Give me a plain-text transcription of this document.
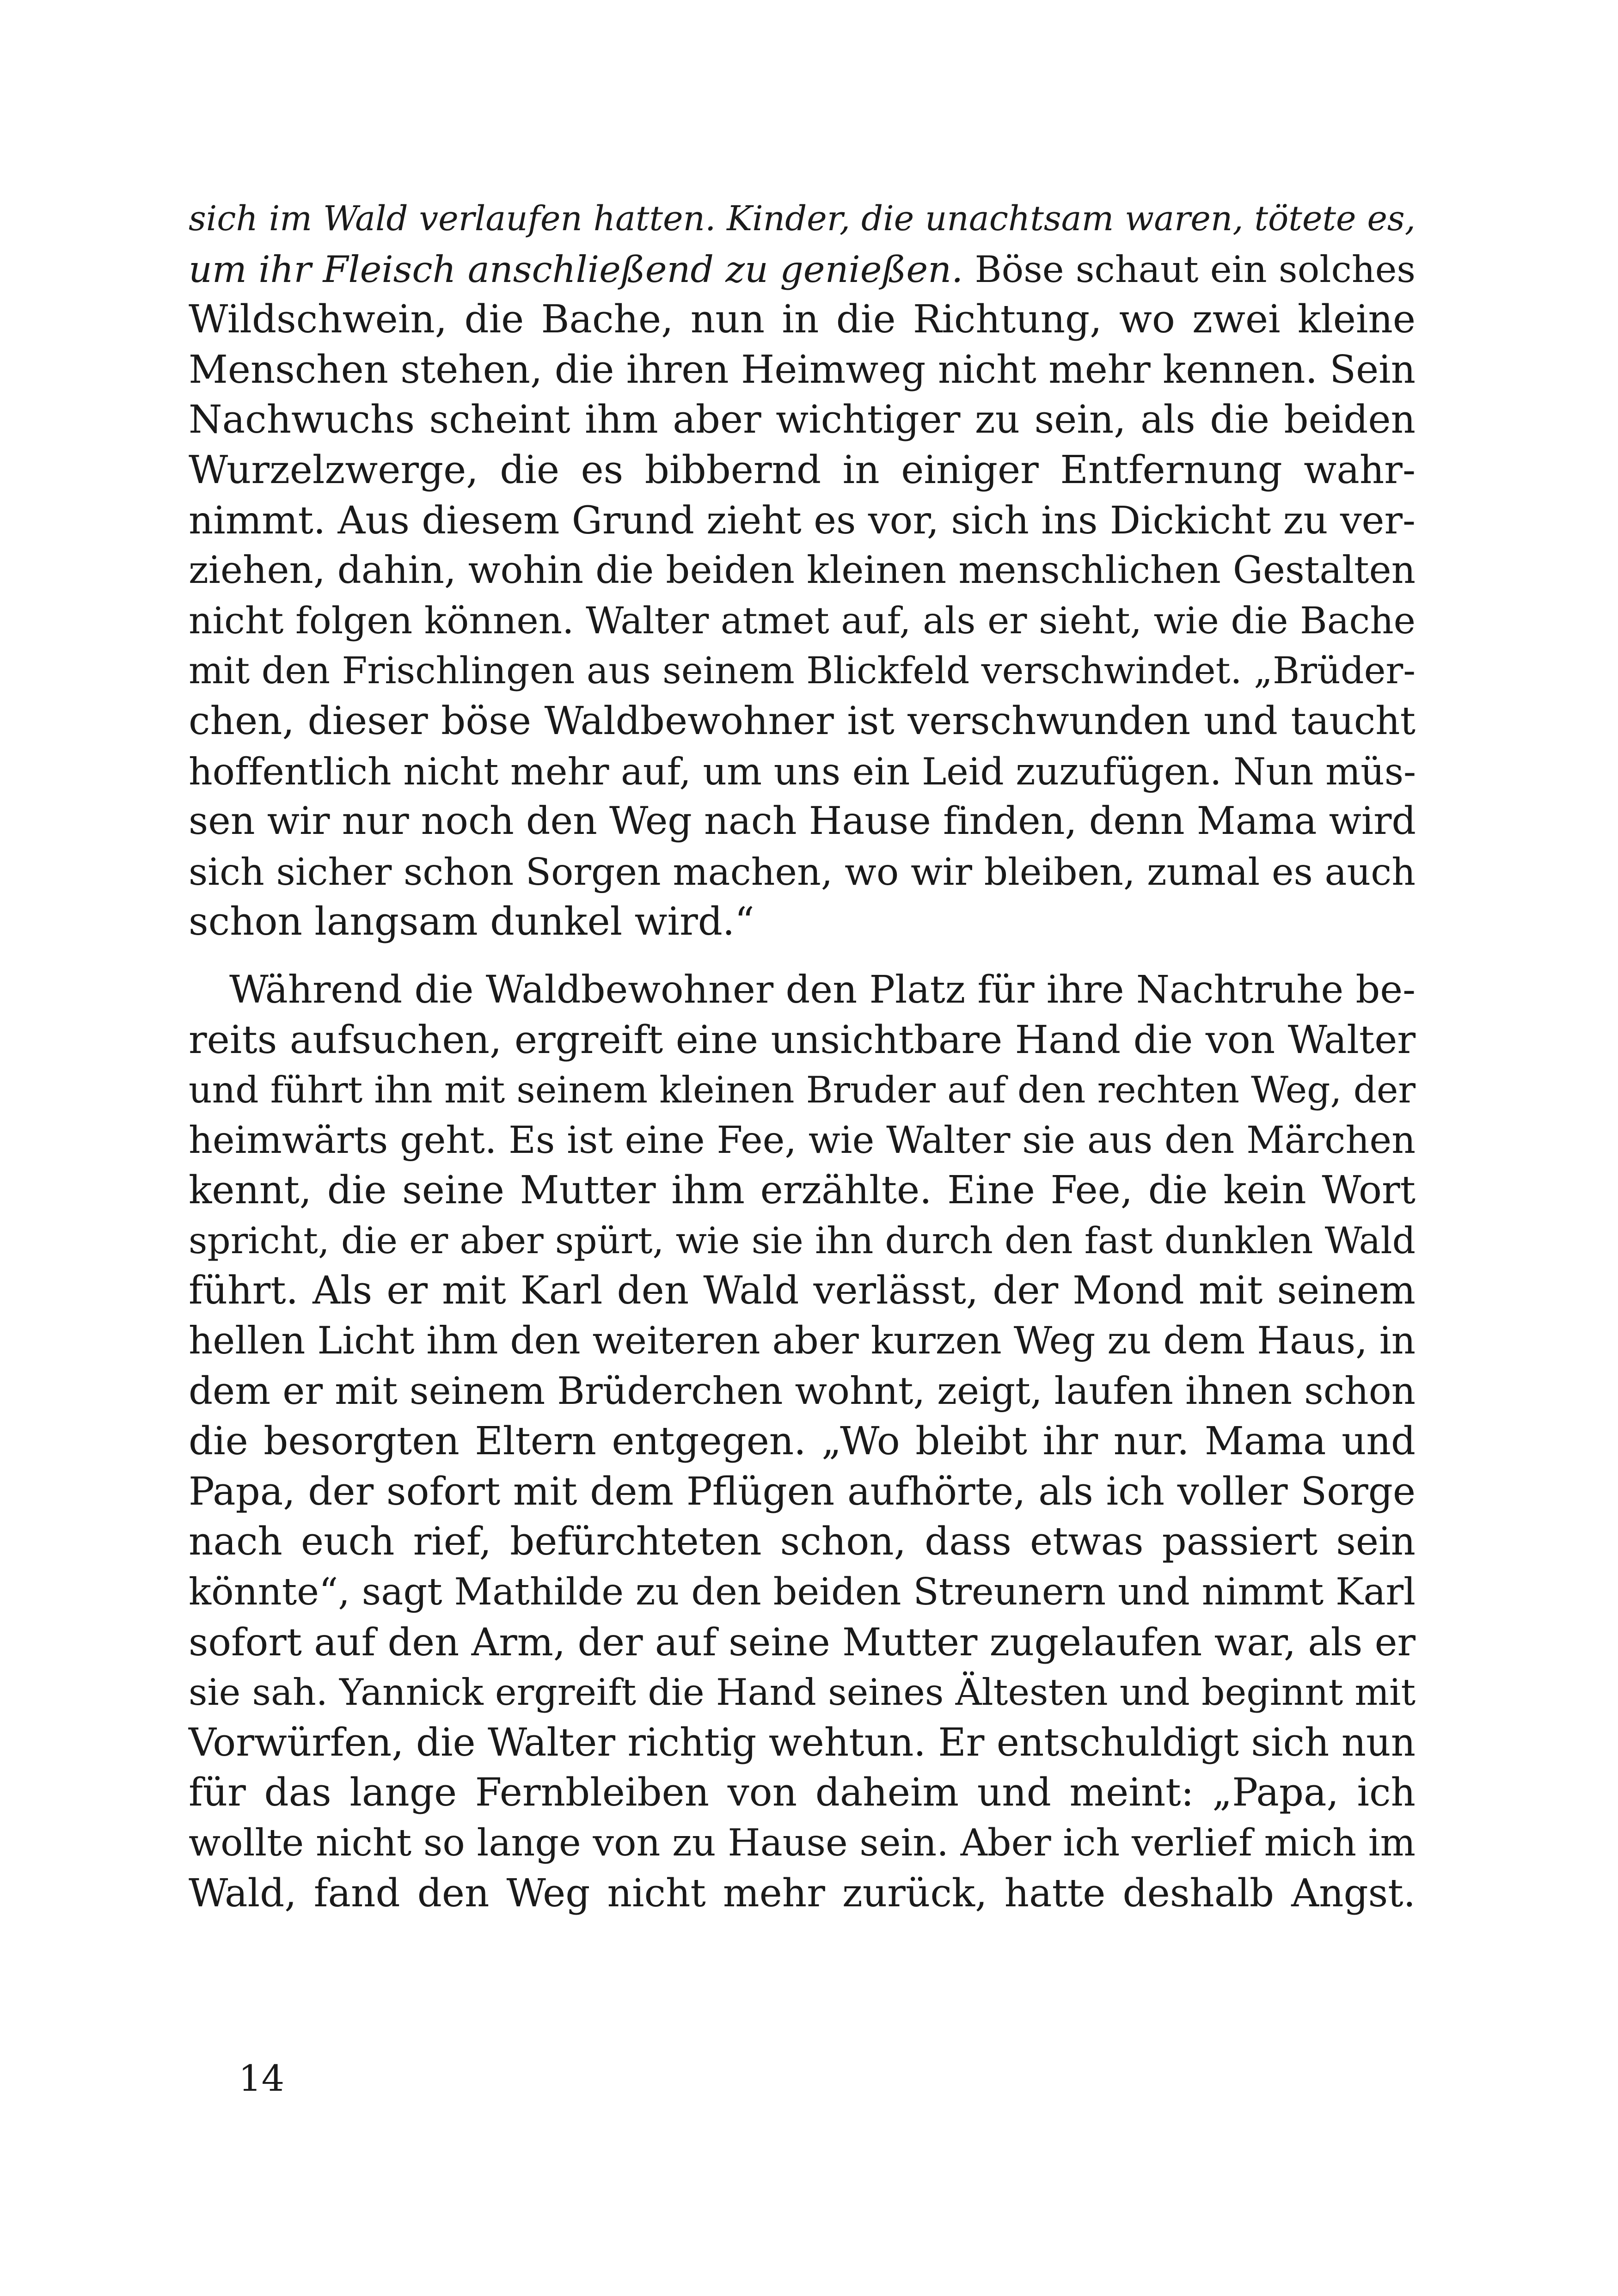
sich im Wald verlaufen hatten. Kinder, die unachtsam waren, tötete es,
um ihr Fleisch anschließend zu genießen. Böse schaut ein solches
Wildschwein, die Bache, nun in die Richtung, wo zwei kleine
Menschen stehen, die ihren Heimweg nicht mehr kennen. Sein
Nachwuchs scheint ihm aber wichtiger zu sein, als die beiden
Wurzelzwerge, die es bibbernd in einiger Entfernung wahr-
nimmt. Aus diesem Grund zieht es vor, sich ins Dickicht zu ver-
ziehen, dahin, wohin die beiden kleinen menschlichen Gestalten
nicht folgen können. Walter atmet auf, als er sieht, wie die Bache
mit den Frischlingen aus seinem Blickfeld verschwindet. „Brüder-
chen, dieser böse Waldbewohner ist verschwunden und taucht
hoffentlich nicht mehr auf, um uns ein Leid zuzufügen. Nun müs-
sen wir nur noch den Weg nach Hause finden, denn Mama wird
sich sicher schon Sorgen machen, wo wir bleiben, zumal es auch
schon langsam dunkel wird.“

Während die Waldbewohner den Platz für ihre Nachtruhe be-
reits aufsuchen, ergreift eine unsichtbare Hand die von Walter
und führt ihn mit seinem kleinen Bruder auf den rechten Weg, der
heimwärts geht. Es ist eine Fee, wie Walter sie aus den Märchen
kennt, die seine Mutter ihm erzählte. Eine Fee, die kein Wort
spricht, die er aber spürt, wie sie ihn durch den fast dunklen Wald
führt. Als er mit Karl den Wald verlässt, der Mond mit seinem
hellen Licht ihm den weiteren aber kurzen Weg zu dem Haus, in
dem er mit seinem Brüderchen wohnt, zeigt, laufen ihnen schon
die besorgten Eltern entgegen. „Wo bleibt ihr nur. Mama und
Papa, der sofort mit dem Pflügen aufhörte, als ich voller Sorge
nach euch rief, befürchteten schon, dass etwas passiert sein
könnte“, sagt Mathilde zu den beiden Streunern und nimmt Karl
sofort auf den Arm, der auf seine Mutter zugelaufen war, als er
sie sah. Yannick ergreift die Hand seines Ältesten und beginnt mit
Vorwürfen, die Walter richtig wehtun. Er entschuldigt sich nun
für das lange Fernbleiben von daheim und meint: „Papa, ich
wollte nicht so lange von zu Hause sein. Aber ich verlief mich im
Wald, fand den Weg nicht mehr zurück, hatte deshalb Angst.

14
